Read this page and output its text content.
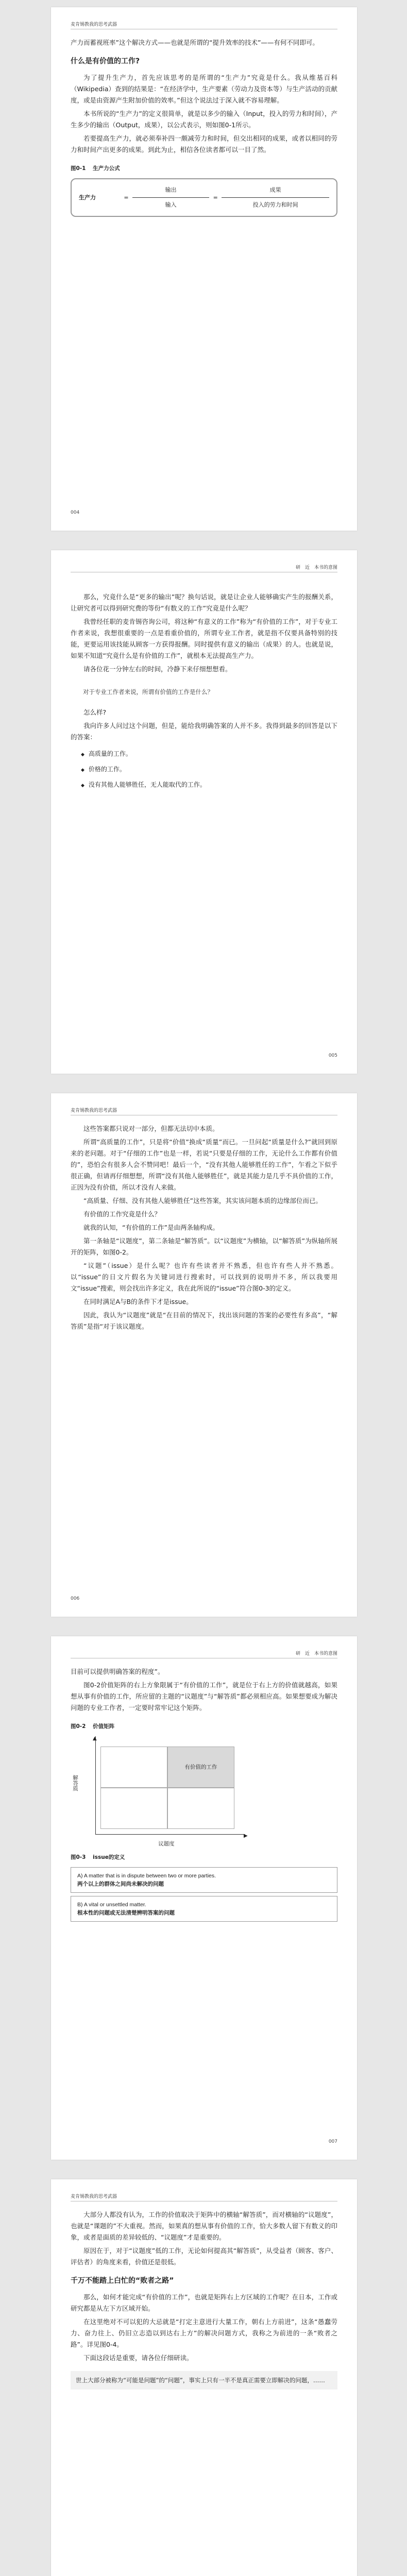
麦肯锡教我的思考武器

产力而蓄视班率”这个解决方式——也就是所谓的“提升效率的技术”——有何不同即可。

什么是有价值的工作?

为了提升生产力，首先应该思考的是所谓的“生产力”究竟是什么。我从维基百科（Wikipedia）查到的结果是：“在经济学中，生产要素（劳动力及资本等）与生产活动的贡献度，或是由资源产生附加价值的效率。”但这个说法过于深入就不容易理解。

本书所说的“生产力”的定义很简单，就是以多少的输入（Input，投入的劳力和时间），产生多少的输出（Output，成果），以公式表示，则如图0-1所示。

若要提高生产力，就必须奉补四一颇减劳力和时间，但交出相同的成果，或者以相同的劳力和时间产出更多的成果。到此为止，相信各位读者都可以一目了然。

图0-1 生产力公式
生产力	= $\frac{\text{输出}}{\text{输入}} = \frac{\text{成果}}{\text{投入的劳力和时间}}$
004
研　近　本书的意图

那么，究竟什么是“更多的输出”呢？换句话说，就是让企业人能够确实产生的报酬关系，让研究者可以得到研究费的等份“有数义的工作”究竟是什么呢？

我曾经任职的麦肯锡咨询公司，将这种“有意义的工作”称为“有价值的工作”，对于专业工作者来说，我想很重要的一点是看重价值的，所谓专业工作者，就是指不仅要具备特别的技能，更要运用该技能从顾客一方获得报酬。同时提供有意义的输出（成果）的人。也就是说，如果不知道“究竟什么是有价值的工作”，就根本无法提高生产力。

请各位花一分钟左右的时间，冷静下来仔细想想看。

对于专业工作者来说，所谓有价值的工作是什么？

怎么样?

我向许多人问过这个问题，但是，能给我明确答案的人并不多。我得到最多的回答是以下的答案：

◆ 高质量的工作。
◆ 价格的工作。
◆ 没有其他人能够胜任，无人能取代的工作。
005
麦肯锡教我的思考武器

这些答案都只说对一部分，但都无法切中本质。

所谓“高质量的工作”，只是将“价值”换成“质量”而已。一旦问起“质量是什么?”就回到原来的老问题。对于“仔细的工作”也是一样，若说“只要是仔细的工作，无论什么工作都有价值的”，恐怕会有很多人会不赞同吧！最后一个，“没有其他人能够胜任的工作”，乍看之下似乎很正确，但请再仔细想想，所谓“没有其他人能够胜任”，就是其能力是几乎不具价值的工作，正因为没有价值，所以才没有人来做。

“高质量、仔细、没有其他人能够胜任”这些答案，其实该问题本质的边缘部位而已。

有价值的工作究竟是什么？

就我的认知，“有价值的工作”是由两条轴构成。

第一条轴是“议题度”，第二条轴是“解答质”。以“议题度”为横轴，以“解答质”为纵轴所展开的矩阵，如图0-2。

“议题”（issue）是什么呢？也许有些读者并不熟悉，但也许有些人并不熟悉。以“issue”的日文片假名为关键词进行搜索时，可以找到的说明并不多，所以我要用文“issue”搜索，则会找出许多定义，我在此所说的“issue”符合图0-3的定义。

在同时满足A与B的条件下才是issue。

因此，我认为“议题度”就是“在目前的情况下，找出该问题的答案的必要性有多高”，“解答质”是指“对于该议题度。

006
研　近　本书的意图

目前可以提供明确答案的程度”。

图0-2价值矩阵的右上方象限属于“有价值的工作”，就是位于右上方的价值就越高，如果想从事有价值的工作，所应留的主题的“议题度”与“解答质”都必须相应高。如果想要成为解决问题的专业工作者，一定要时常牢记这个矩阵。

图0-2 价值矩阵
解答质
▲
▶
有价值的工作
议题度
图0-3 issue的定义
A) A matter that is in dispute between two or more parties.
两个以上的群体之间尚未解决的问题
B) A vital or unsettled matter.
根本性的问题或无法清楚辨明答案的问题
007
麦肯锡教我的思考武器

大部分人都没有认为，工作的价值取决于矩阵中的横轴“解答质”，而对横轴的“议题度”，也就是“课题的”不大重视。然而，如果真的想从事有价值的工作，恰大多数人留下有数义的印象，或者是面质的差异较低的、“议题度”才是重要的。

原因在于，对于“议题度”低的工作，无论如何提高其“解答质”，从受益者（顾客、客户、评估者）的角度来看，价值还是很低。

千万不能踏上白忙的“败者之路”

那么，如何才能完成“有价值的工作”，也就是矩阵右上方区域的工作呢？在日本，工作或研究都是从左下方区域开始。

在这里绝对不可以犯的大忌就是“打定主意进行大量工作，朝右上方前进”，这条“愚蠢劳力、奋力往上、仍旧立志造以到达右上方”的解决问题方式，我称之为前进的一条“败者之路”。详见图0-4。

下面这段话是重要，请各位仔细研读。

世上大部分被称为“可能是问题”的“问题”，事实上只有一半不是真正需要立即解决的问题，……
